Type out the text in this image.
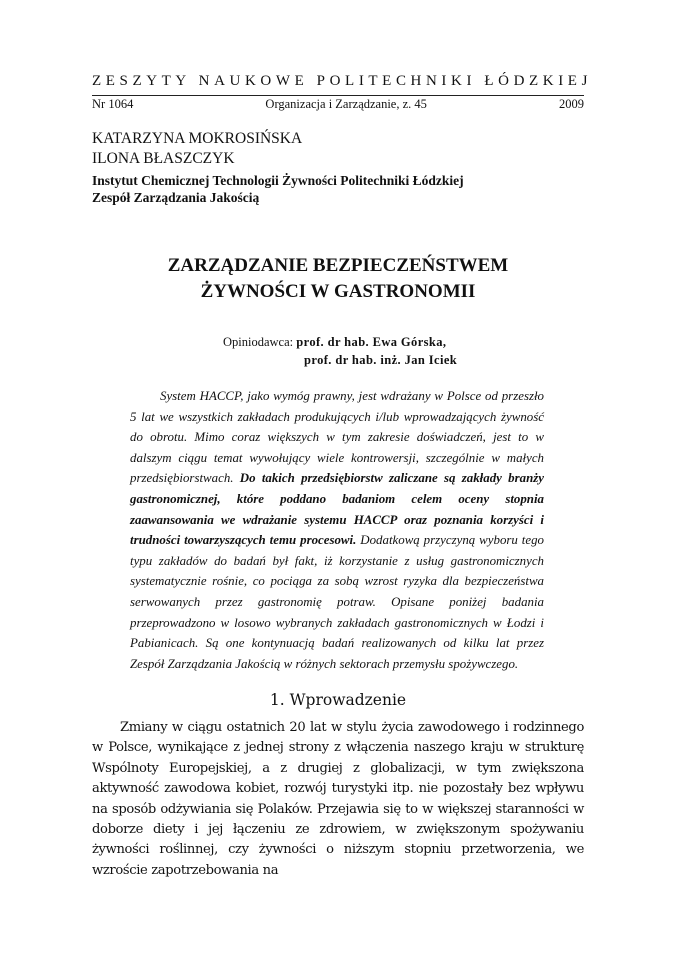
ZESZYTY NAUKOWE POLITECHNIKI ŁÓDZKIEJ
Nr 1064	Organizacja i Zarządzanie, z. 45	2009
KATARZYNA MOKROSIŃSKA
ILONA BŁASZCZYK
Instytut Chemicznej Technologii Żywności Politechniki Łódzkiej
Zespół Zarządzania Jakością
ZARZĄDZANIE BEZPIECZEŃSTWEM
ŻYWNOŚCI W GASTRONOMII
Opiniodawca: prof. dr hab. Ewa Górska,
prof. dr hab. inż. Jan Iciek

System HACCP, jako wymóg prawny, jest wdrażany w Polsce od przeszło 5 lat we wszystkich zakładach produkujących i/lub wprowadzających żywność do obrotu. Mimo coraz większych w tym zakresie doświadczeń, jest to w dalszym ciągu temat wywołujący wiele kontrowersji, szczególnie w małych przedsiębiorstwach. Do takich przedsiębiorstw zaliczane są zakłady branży gastronomicznej, które poddano badaniom celem oceny stopnia zaawansowania we wdrażanie systemu HACCP oraz poznania korzyści i trudności towarzyszących temu procesowi. Dodatkową przyczyną wyboru tego typu zakładów do badań był fakt, iż korzystanie z usług gastronomicznych systematycznie rośnie, co pociąga za sobą wzrost ryzyka dla bezpieczeństwa serwowanych przez gastronomię potraw. Opisane poniżej badania przeprowadzono w losowo wybranych zakładach gastronomicznych w Łodzi i Pabianicach. Są one kontynuacją badań realizowanych od kilku lat przez Zespół Zarządzania Jakością w różnych sektorach przemysłu spożywczego.

1. Wprowadzenie

Zmiany w ciągu ostatnich 20 lat w stylu życia zawodowego i rodzinnego w Polsce, wynikające z jednej strony z włączenia naszego kraju w strukturę Wspólnoty Europejskiej, a z drugiej z globalizacji, w tym zwiększona aktywność zawodowa kobiet, rozwój turystyki itp. nie pozostały bez wpływu na sposób odżywiania się Polaków. Przejawia się to w większej staranności w doborze diety i jej łączeniu ze zdrowiem, w zwiększonym spożywaniu żywności roślinnej, czy żywności o niższym stopniu przetworzenia, we wzroście zapotrzebowania na
